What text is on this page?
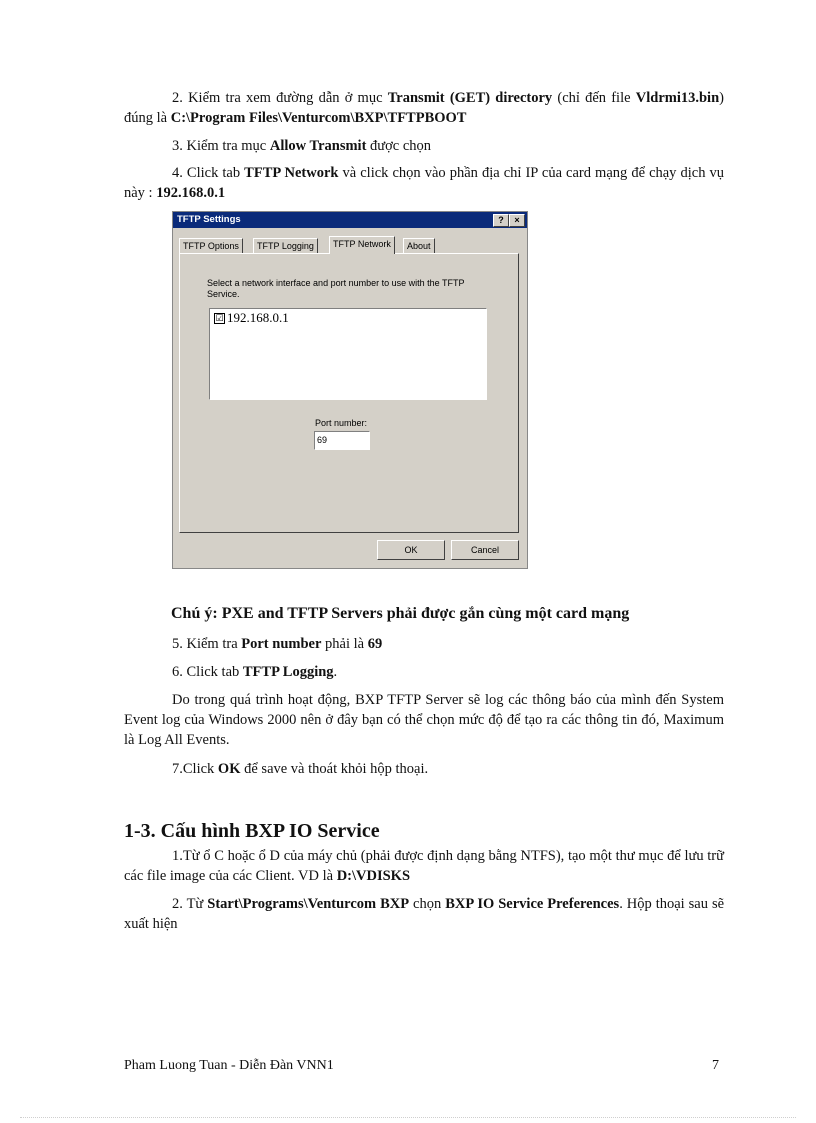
2. Kiểm tra xem đường dẫn ở mục Transmit (GET) directory (chỉ đến file Vldrmi13.bin) đúng là C:\Program Files\Venturcom\BXP\TFTPBOOT
3. Kiểm tra mục Allow Transmit được chọn
4. Click tab TFTP Network và click chọn vào phần địa chỉ IP của card mạng để chạy dịch vụ này : 192.168.0.1
TFTP Settings	?	×
TFTP Options	TFTP Logging	TFTP Network	About
Select a network interface and port number to use with the TFTP Service.
☑ 192.168.0.1
Port number:
69
OK	Cancel
Chú ý: PXE and TFTP Servers phải được gắn cùng một card mạng
5. Kiểm tra Port number phải là 69
6. Click tab TFTP Logging.
Do trong quá trình hoạt động, BXP TFTP Server sẽ log các thông báo của mình đến System Event log của Windows 2000 nên ở đây bạn có thể chọn mức độ để tạo ra các thông tin đó, Maximum là Log All Events.
7.Click OK để save và thoát khỏi hộp thoại.
1-3. Cấu hình BXP IO Service
1.Từ ổ C hoặc ổ D của máy chủ (phải được định dạng bằng NTFS), tạo một thư mục để lưu trữ các file image của các Client. VD là D:\VDISKS
2. Từ Start\Programs\Venturcom BXP chọn BXP IO Service Preferences. Hộp thoại sau sẽ xuất hiện
Pham Luong Tuan - Diễn Đàn VNN1	7
